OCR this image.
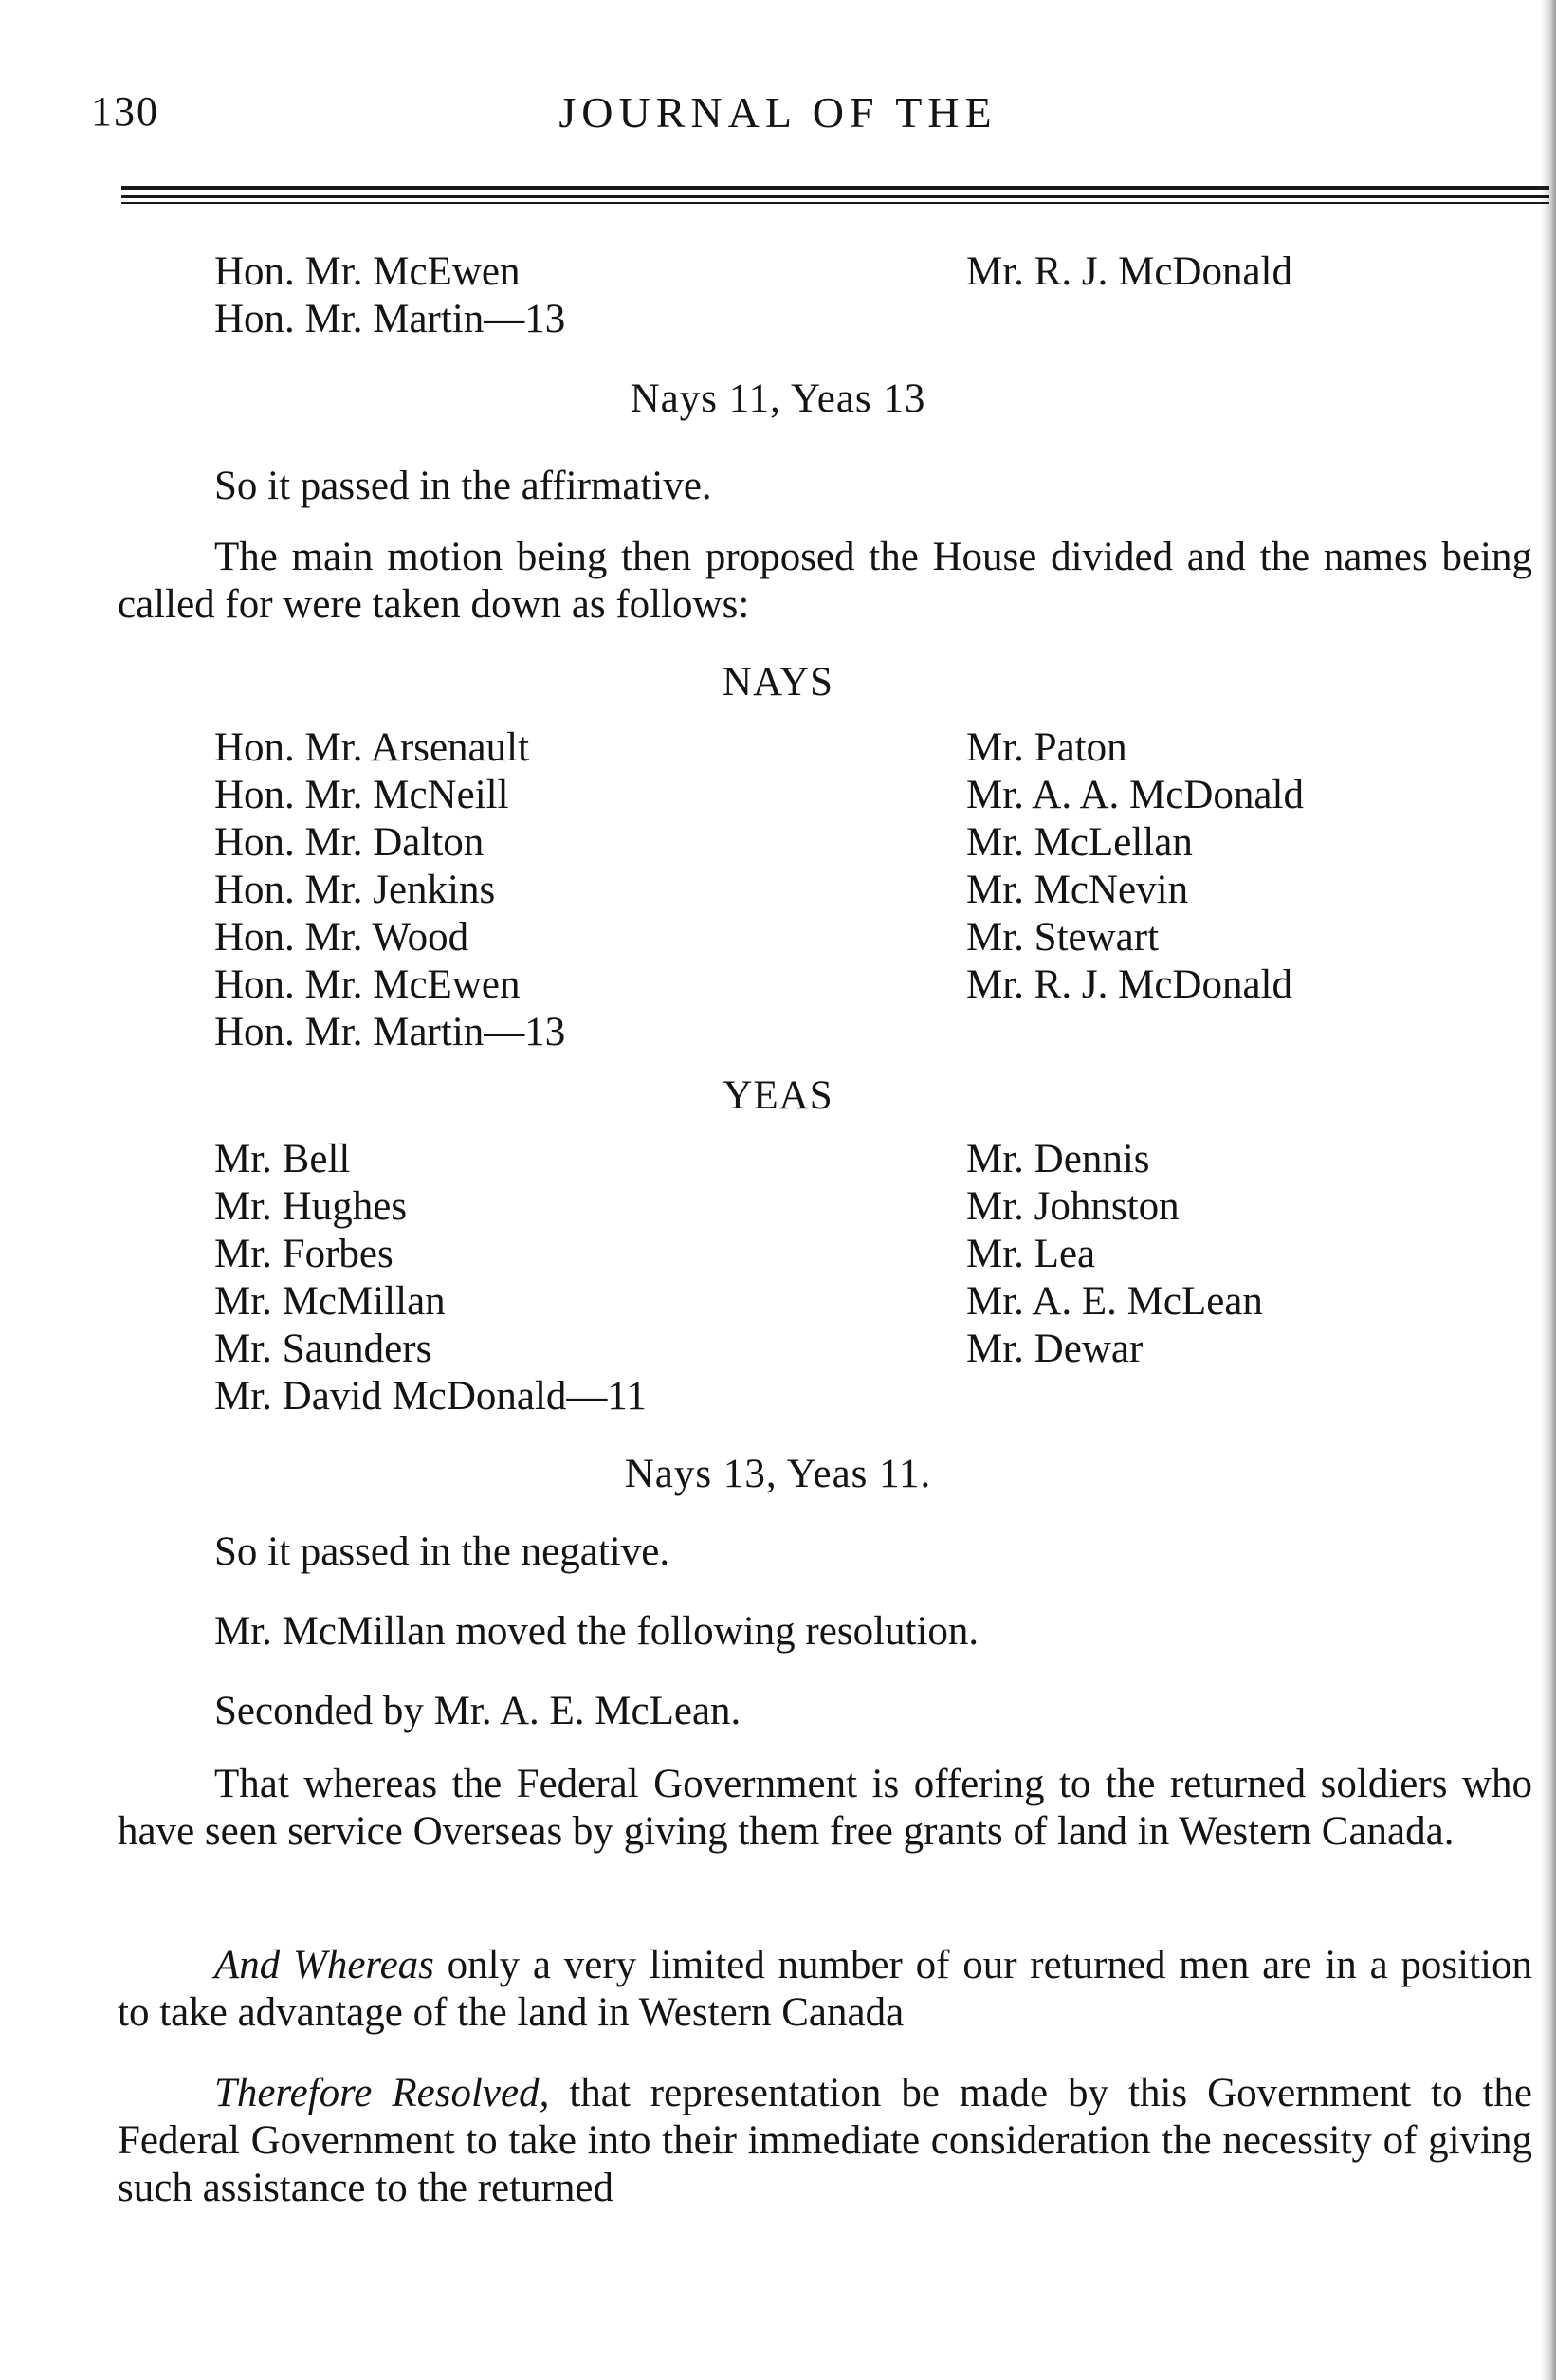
130	JOURNAL OF THE
Hon. Mr. McEwen
Hon. Mr. Martin—13
Mr. R. J. McDonald
Nays 11, Yeas 13
So it passed in the affirmative.
The main motion being then proposed the House divided and the names being called for were taken down as follows:
NAYS
Hon. Mr. Arsenault
Hon. Mr. McNeill
Hon. Mr. Dalton
Hon. Mr. Jenkins
Hon. Mr. Wood
Hon. Mr. McEwen
Hon. Mr. Martin—13
Mr. Paton
Mr. A. A. McDonald
Mr. McLellan
Mr. McNevin
Mr. Stewart
Mr. R. J. McDonald
YEAS
Mr. Bell
Mr. Hughes
Mr. Forbes
Mr. McMillan
Mr. Saunders
Mr. David McDonald—11
Mr. Dennis
Mr. Johnston
Mr. Lea
Mr. A. E. McLean
Mr. Dewar
Nays 13, Yeas 11.
So it passed in the negative.
Mr. McMillan moved the following resolution.
Seconded by Mr. A. E. McLean.
That whereas the Federal Government is offering to the returned soldiers who have seen service Overseas by giving them free grants of land in Western Canada.
And Whereas only a very limited number of our returned men are in a position to take advantage of the land in Western Canada
Therefore Resolved, that representation be made by this Government to the Federal Government to take into their immediate consideration the necessity of giving such assistance to the returned
